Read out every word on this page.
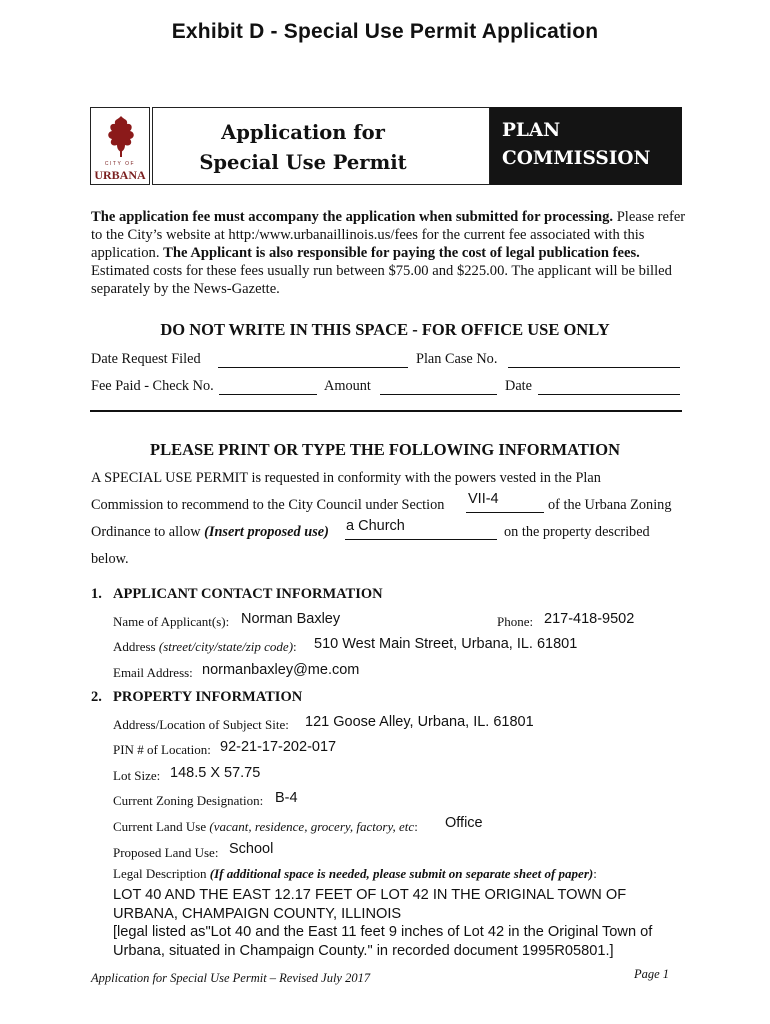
Exhibit D - Special Use Permit Application
CITY OF
URBANA
Application for
Special Use Permit
PLAN
COMMISSION
The application fee must accompany the application when submitted for processing. Please refer to the City’s website at http:/www.urbanaillinois.us/fees for the current fee associated with this application. The Applicant is also responsible for paying the cost of legal publication fees. Estimated costs for these fees usually run between $75.00 and $225.00. The applicant will be billed separately by the News-Gazette.
DO NOT WRITE IN THIS SPACE - FOR OFFICE USE ONLY
Date Request Filed	Plan Case No.
Fee Paid - Check No.	Amount	Date
PLEASE PRINT OR TYPE THE FOLLOWING INFORMATION
A SPECIAL USE PERMIT is requested in conformity with the powers vested in the Plan
Commission to recommend to the City Council under Section VII-4	of the Urbana Zoning
Ordinance to allow (Insert proposed use) a Church	on the property described
below.
1. APPLICANT CONTACT INFORMATION
Name of Applicant(s): Norman Baxley	Phone: 217-418-9502
Address (street/city/state/zip code): 510 West Main Street, Urbana, IL. 61801
Email Address: normanbaxley@me.com
2. PROPERTY INFORMATION
Address/Location of Subject Site: 121 Goose Alley, Urbana, IL. 61801
PIN # of Location: 92-21-17-202-017
Lot Size: 148.5 X 57.75
Current Zoning Designation: B-4
Current Land Use (vacant, residence, grocery, factory, etc: Office
Proposed Land Use: School
Legal Description (If additional space is needed, please submit on separate sheet of paper):
LOT 40 AND THE EAST 12.17 FEET OF LOT 42 IN THE ORIGINAL TOWN OF
URBANA, CHAMPAIGN COUNTY, ILLINOIS
[legal listed as"Lot 40 and the East 11 feet 9 inches of Lot 42 in the Original Town of
Urbana, situated in Champaign County." in recorded document 1995R05801.]
Application for Special Use Permit – Revised July 2017	Page 1
